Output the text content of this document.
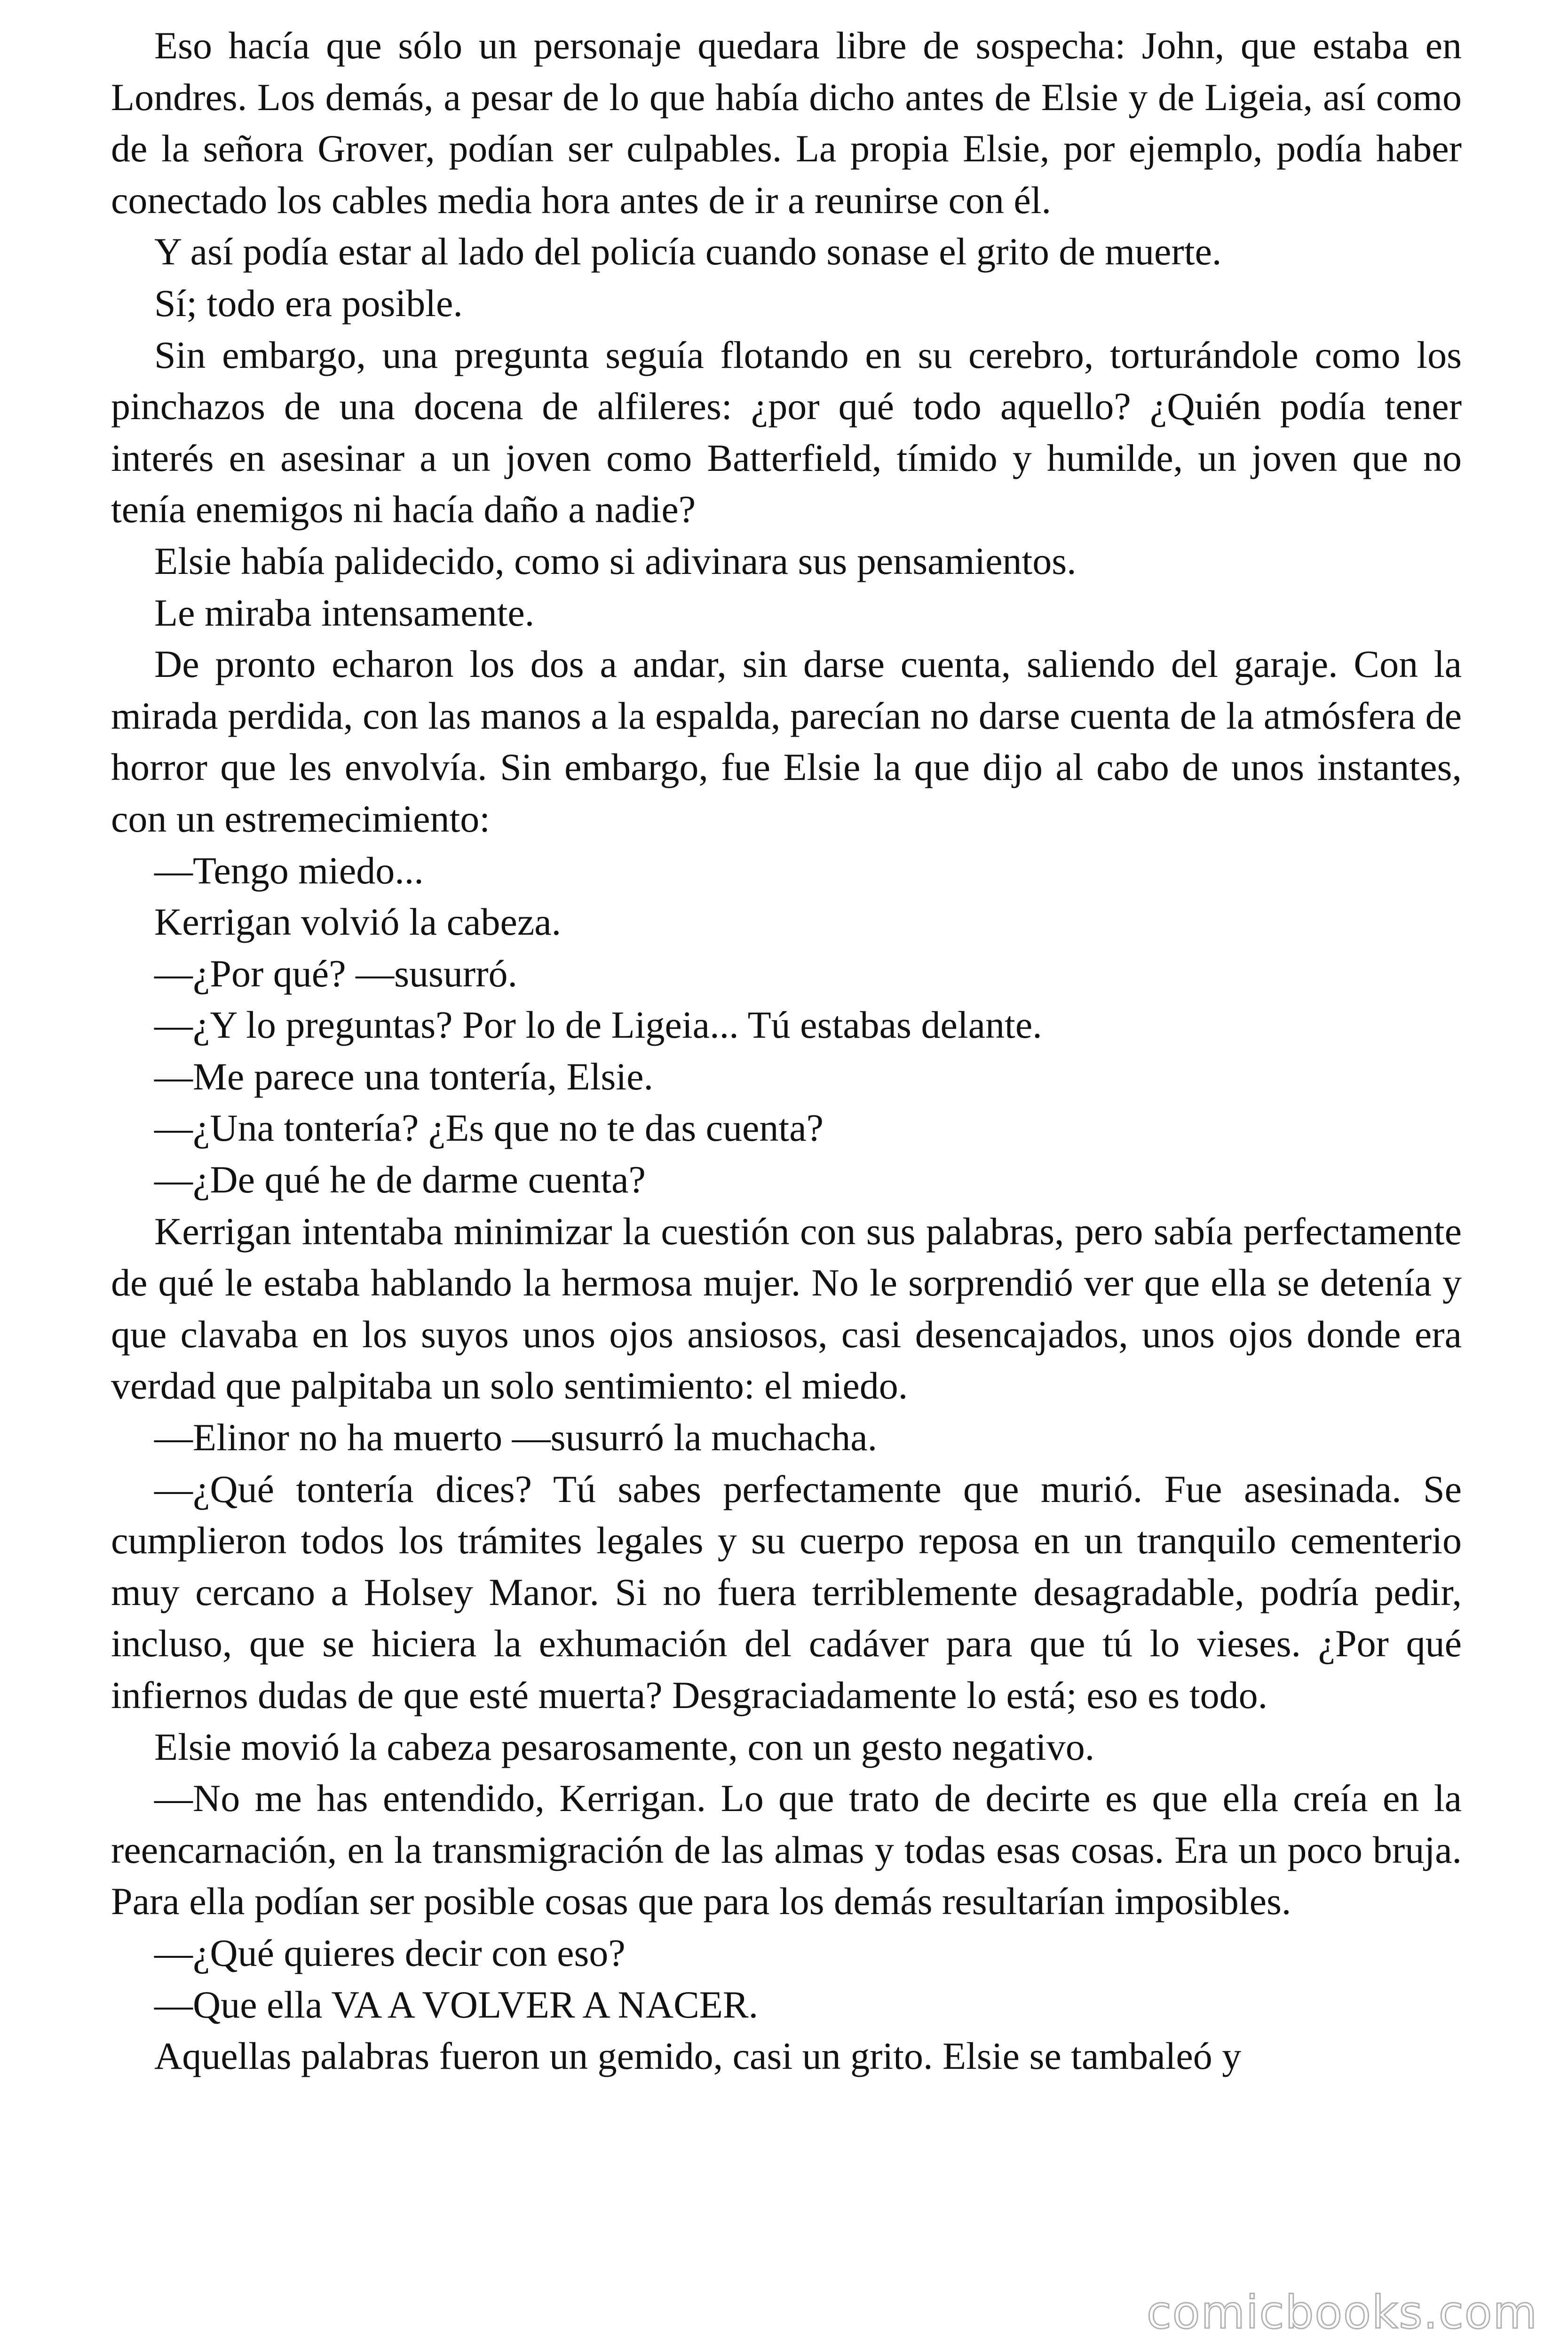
Eso hacía que sólo un personaje quedara libre de sospecha: John, que estaba en Londres. Los demás, a pesar de lo que había dicho antes de Elsie y de Ligeia, así como de la señora Grover, podían ser culpables. La propia Elsie, por ejemplo, podía haber conectado los cables media hora antes de ir a reunirse con él.

Y así podía estar al lado del policía cuando sonase el grito de muerte.

Sí; todo era posible.

Sin embargo, una pregunta seguía flotando en su cerebro, torturándole como los pinchazos de una docena de alfileres: ¿por qué todo aquello? ¿Quién podía tener interés en asesinar a un joven como Batterfield, tímido y humilde, un joven que no tenía enemigos ni hacía daño a nadie?

Elsie había palidecido, como si adivinara sus pensamientos.

Le miraba intensamente.

De pronto echaron los dos a andar, sin darse cuenta, saliendo del garaje. Con la mirada perdida, con las manos a la espalda, parecían no darse cuenta de la atmósfera de horror que les envolvía. Sin embargo, fue Elsie la que dijo al cabo de unos instantes, con un estremecimiento:

—Tengo miedo...

Kerrigan volvió la cabeza.

—¿Por qué? —susurró.

—¿Y lo preguntas? Por lo de Ligeia... Tú estabas delante.

—Me parece una tontería, Elsie.

—¿Una tontería? ¿Es que no te das cuenta?

—¿De qué he de darme cuenta?

Kerrigan intentaba minimizar la cuestión con sus palabras, pero sabía perfectamente de qué le estaba hablando la hermosa mujer. No le sorprendió ver que ella se detenía y que clavaba en los suyos unos ojos ansiosos, casi desencajados, unos ojos donde era verdad que palpitaba un solo sentimiento: el miedo.

—Elinor no ha muerto —susurró la muchacha.

—¿Qué tontería dices? Tú sabes perfectamente que murió. Fue asesinada. Se cumplieron todos los trámites legales y su cuerpo reposa en un tranquilo cementerio muy cercano a Holsey Manor. Si no fuera terriblemente desagradable, podría pedir, incluso, que se hiciera la exhumación del cadáver para que tú lo vieses. ¿Por qué infiernos dudas de que esté muerta? Desgraciadamente lo está; eso es todo.

Elsie movió la cabeza pesarosamente, con un gesto negativo.

—No me has entendido, Kerrigan. Lo que trato de decirte es que ella creía en la reencarnación, en la transmigración de las almas y todas esas cosas. Era un poco bruja. Para ella podían ser posible cosas que para los demás resultarían imposibles.

—¿Qué quieres decir con eso?

—Que ella VA A VOLVER A NACER.

Aquellas palabras fueron un gemido, casi un grito. Elsie se tambaleó y

comicbooks.com
